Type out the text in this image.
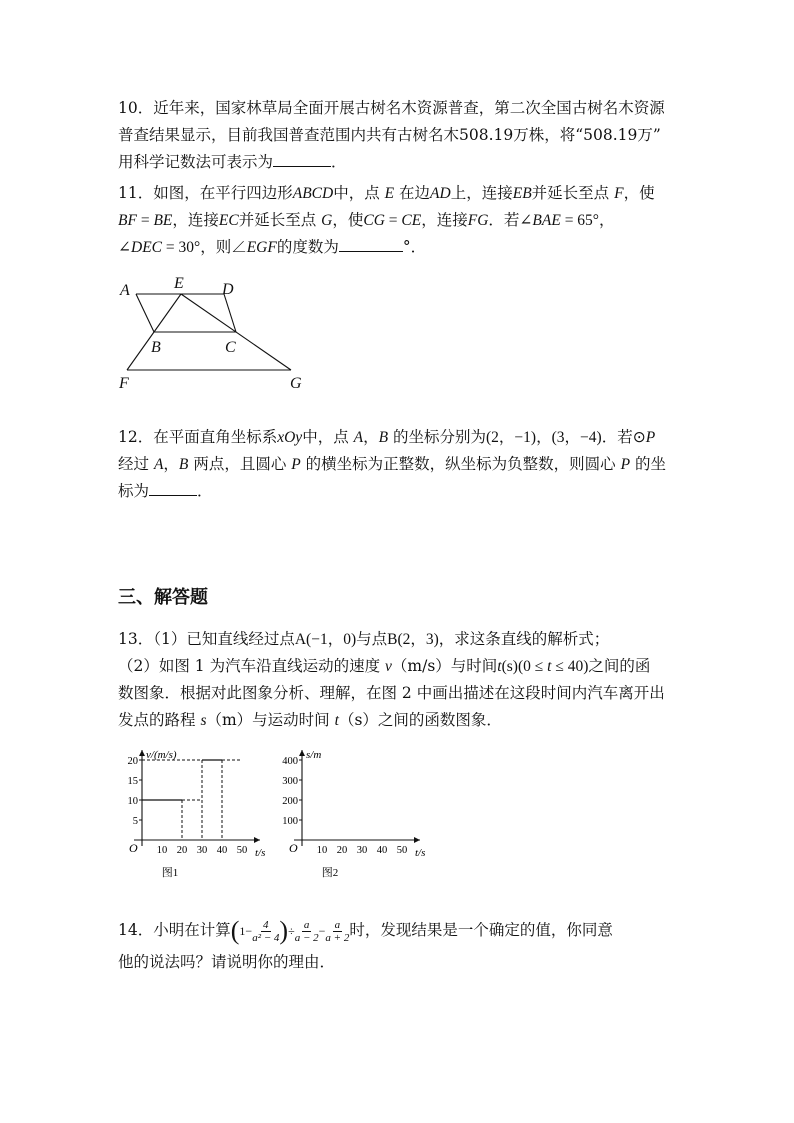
10．近年来，国家林草局全面开展古树名木资源普查，第二次全国古树名木资源

普查结果显示，目前我国普查范围内共有古树名木508.19万株，将“508.19万”

用科学记数法可表示为	．

11．如图，在平行四边形ABCD中，点 E 在边AD上，连接EB并延长至点 F，使

BF = BE，连接EC并延长至点 G，使CG = CE，连接FG．若∠BAE = 65°，

∠DEC = 30°，则∠EGF的度数为	°．

A	E D
B	C
F	G

12．在平面直角坐标系xOy中，点 A，B 的坐标分别为(2，−1)，(3，−4)．若⊙P

经过 A，B 两点，且圆心 P 的横坐标为正整数，纵坐标为负整数，则圆心 P 的坐

标为	．

三、解答题

13．（1）已知直线经过点A(−1，0)与点B(2，3)，求这条直线的解析式；

（2）如图 1 为汽车沿直线运动的速度 v（m/s）与时间t(s)(0 ≤ t ≤ 40)之间的函

数图象．根据对此图象分析、理解，在图 2 中画出描述在这段时间内汽车离开出

发点的路程 s（m）与运动时间 t（s）之间的函数图象．

v/(m/s)
t/s
O 10 20 30 40 50
5
10
15
20
图1
s/m
t/s
O 10 20 30 40 50
100
200
300
400
图2

14．小明在计算($1- \frac{4}{\text{a² − 4}}$ )÷ $\frac{a}{a - 2} - \frac{a}{a + 2}$ 时，发现结果是一个确定的值，你同意

他的说法吗？请说明你的理由．
